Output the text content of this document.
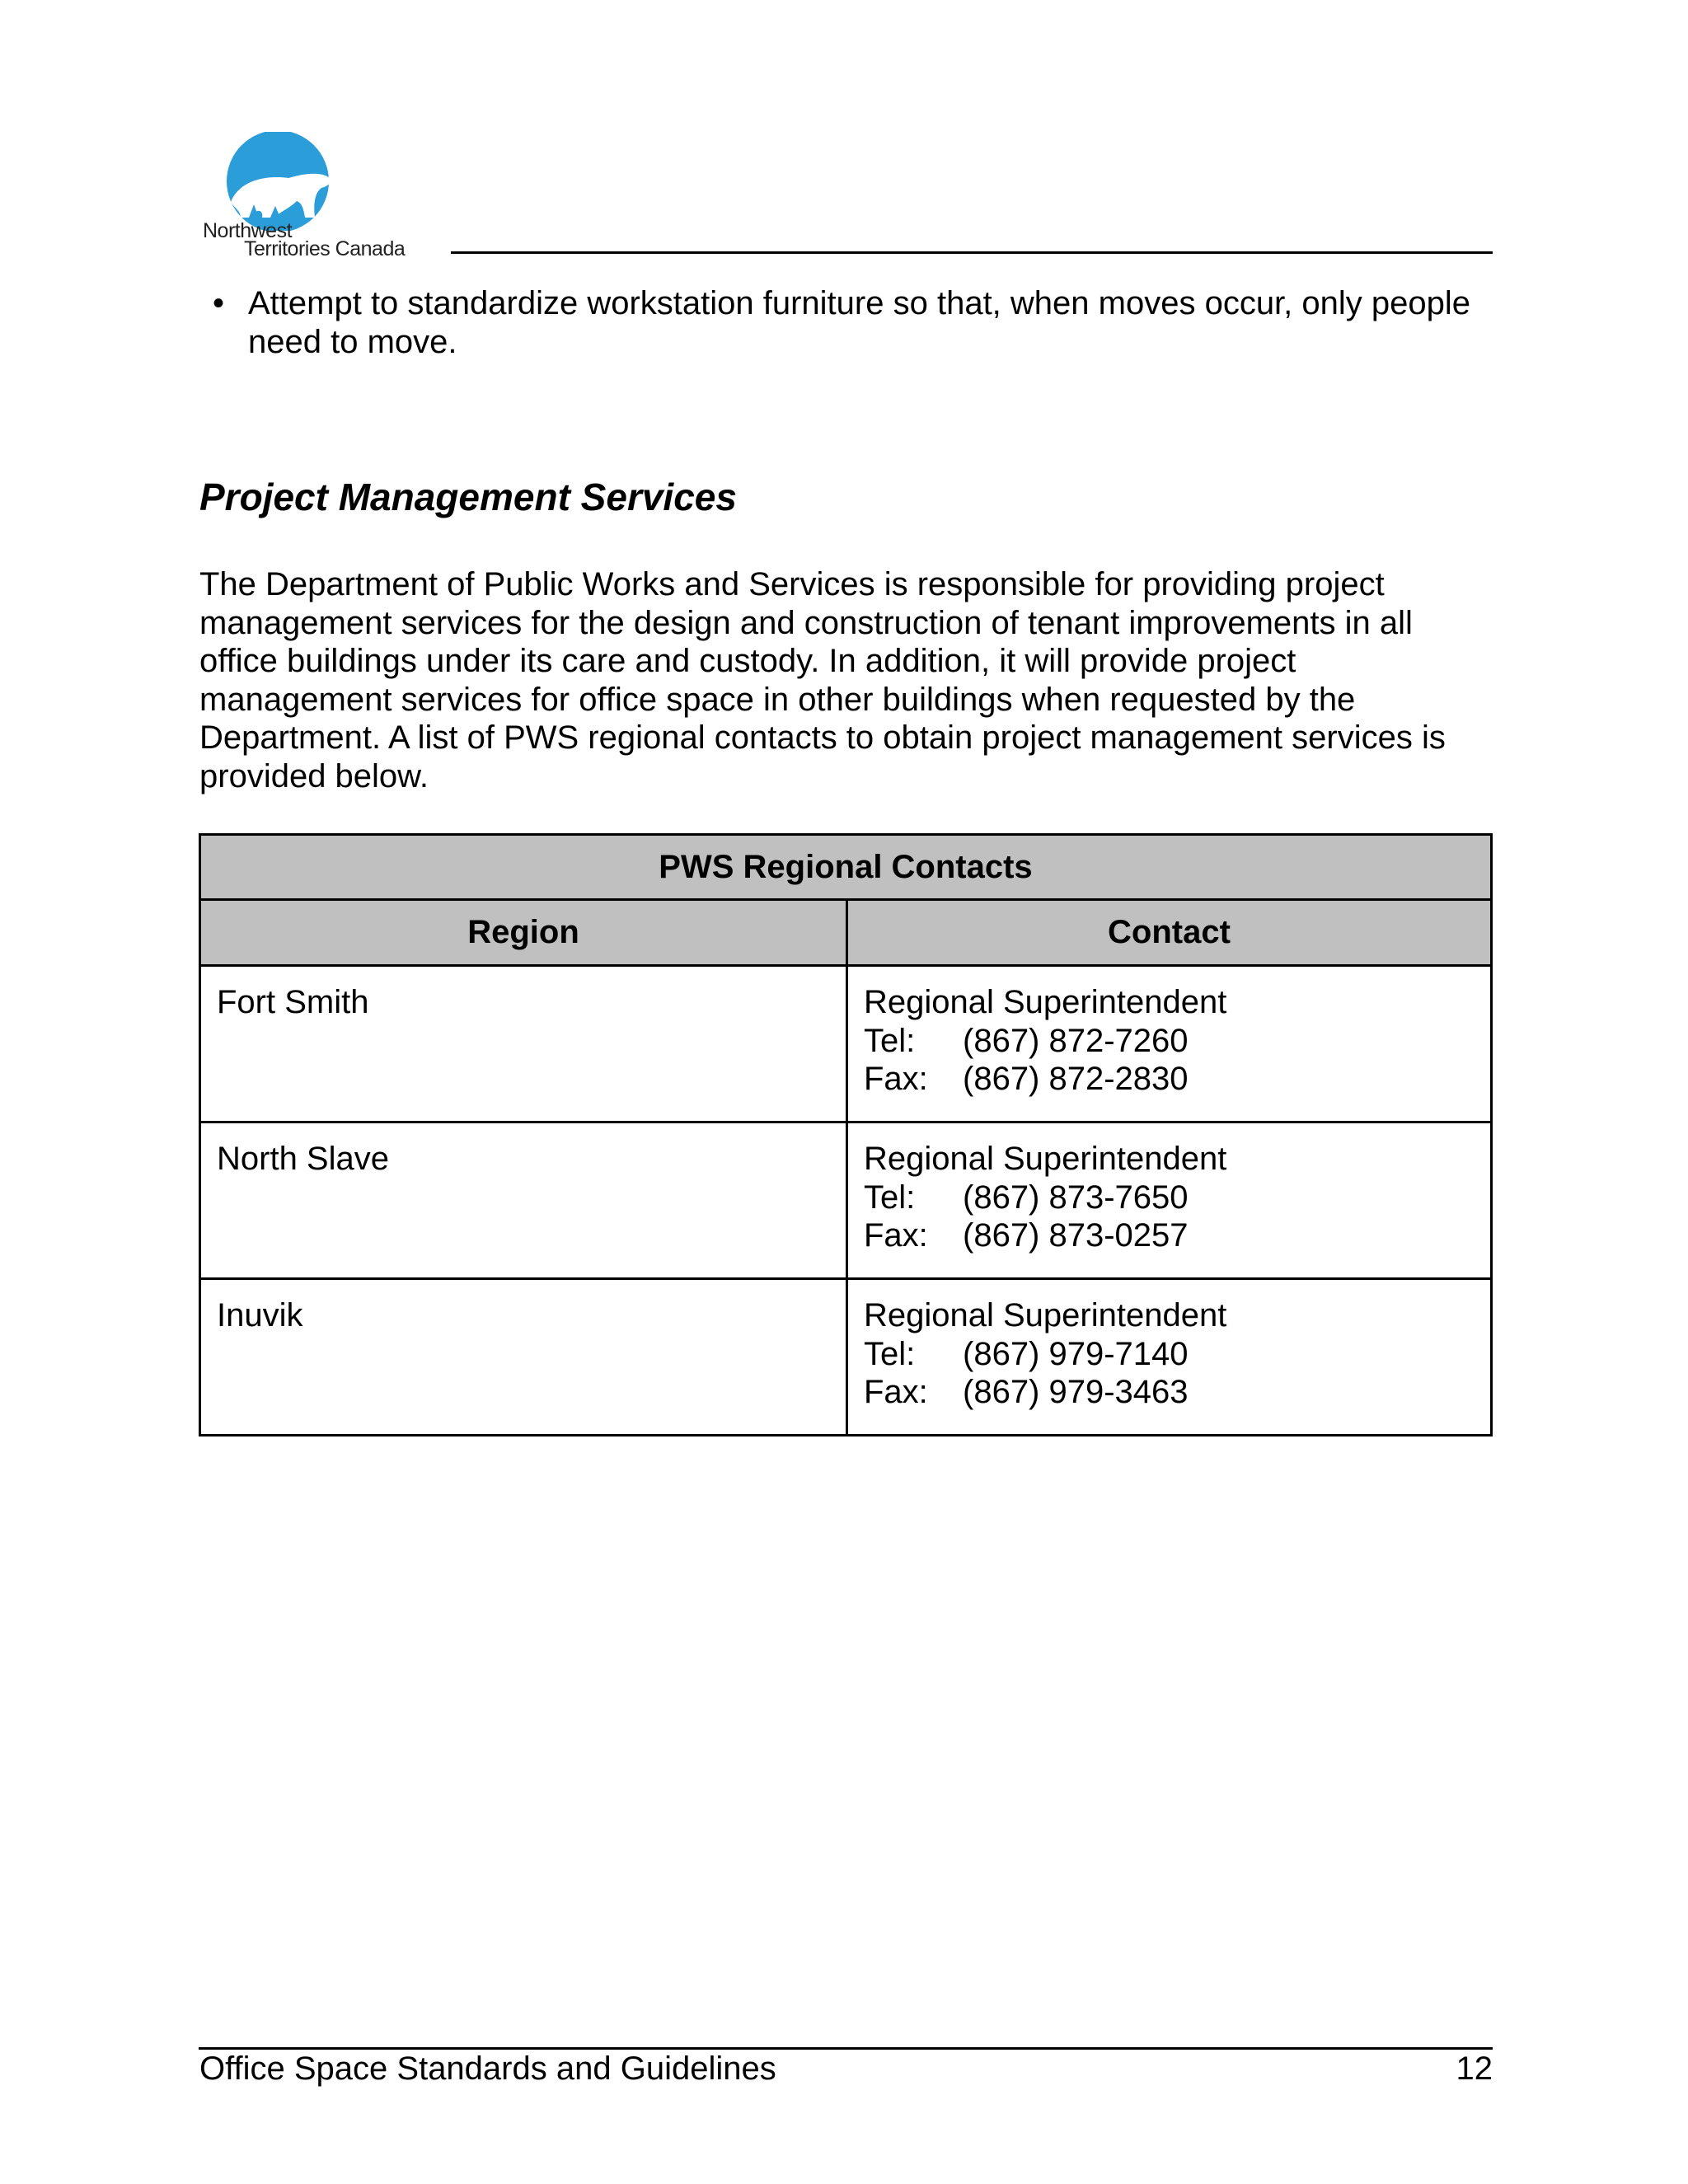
Northwest
Territories Canada
• Attempt to standardize workstation furniture so that, when moves occur, only people
need to move.
Project Management Services
The Department of Public Works and Services is responsible for providing project
management services for the design and construction of tenant improvements in all
office buildings under its care and custody. In addition, it will provide project
management services for office space in other buildings when requested by the
Department. A list of PWS regional contacts to obtain project management services is
provided below.
PWS Regional Contacts	
Region	Contact
Fort Smith	Regional Superintendent
Tel: (867) 872-7260
Fax: (867) 872-2830

North Slave	Regional Superintendent
Tel: (867) 873-7650
Fax: (867) 873-0257

Inuvik	Regional Superintendent
Tel: (867) 979-7140
Fax: (867) 979-3463
Office Space Standards and Guidelines	12
